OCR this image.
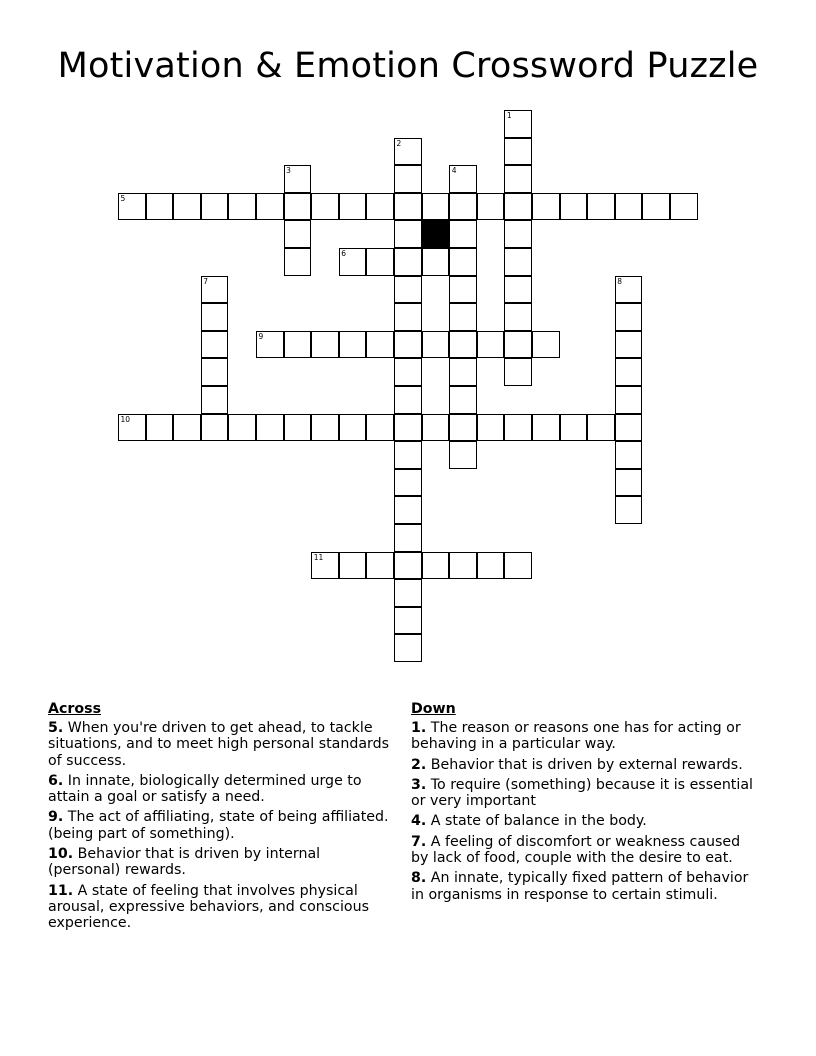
Motivation & Emotion Crossword Puzzle
5
6
9
10
11
1
2
3	4
7	8
Across
5. When you're driven to get ahead, to tackle situations, and to meet high personal standards of success.
6. In innate, biologically determined urge to attain a goal or satisfy a need.
9. The act of affiliating, state of being affiliated. (being part of something).
10. Behavior that is driven by internal (personal) rewards.
11. A state of feeling that involves physical arousal, expressive behaviors, and conscious experience.
Down
1. The reason or reasons one has for acting or behaving in a particular way.
2. Behavior that is driven by external rewards.
3. To require (something) because it is essential or very important
4. A state of balance in the body.
7. A feeling of discomfort or weakness caused by lack of food, couple with the desire to eat.
8. An innate, typically fixed pattern of behavior in organisms in response to certain stimuli.
